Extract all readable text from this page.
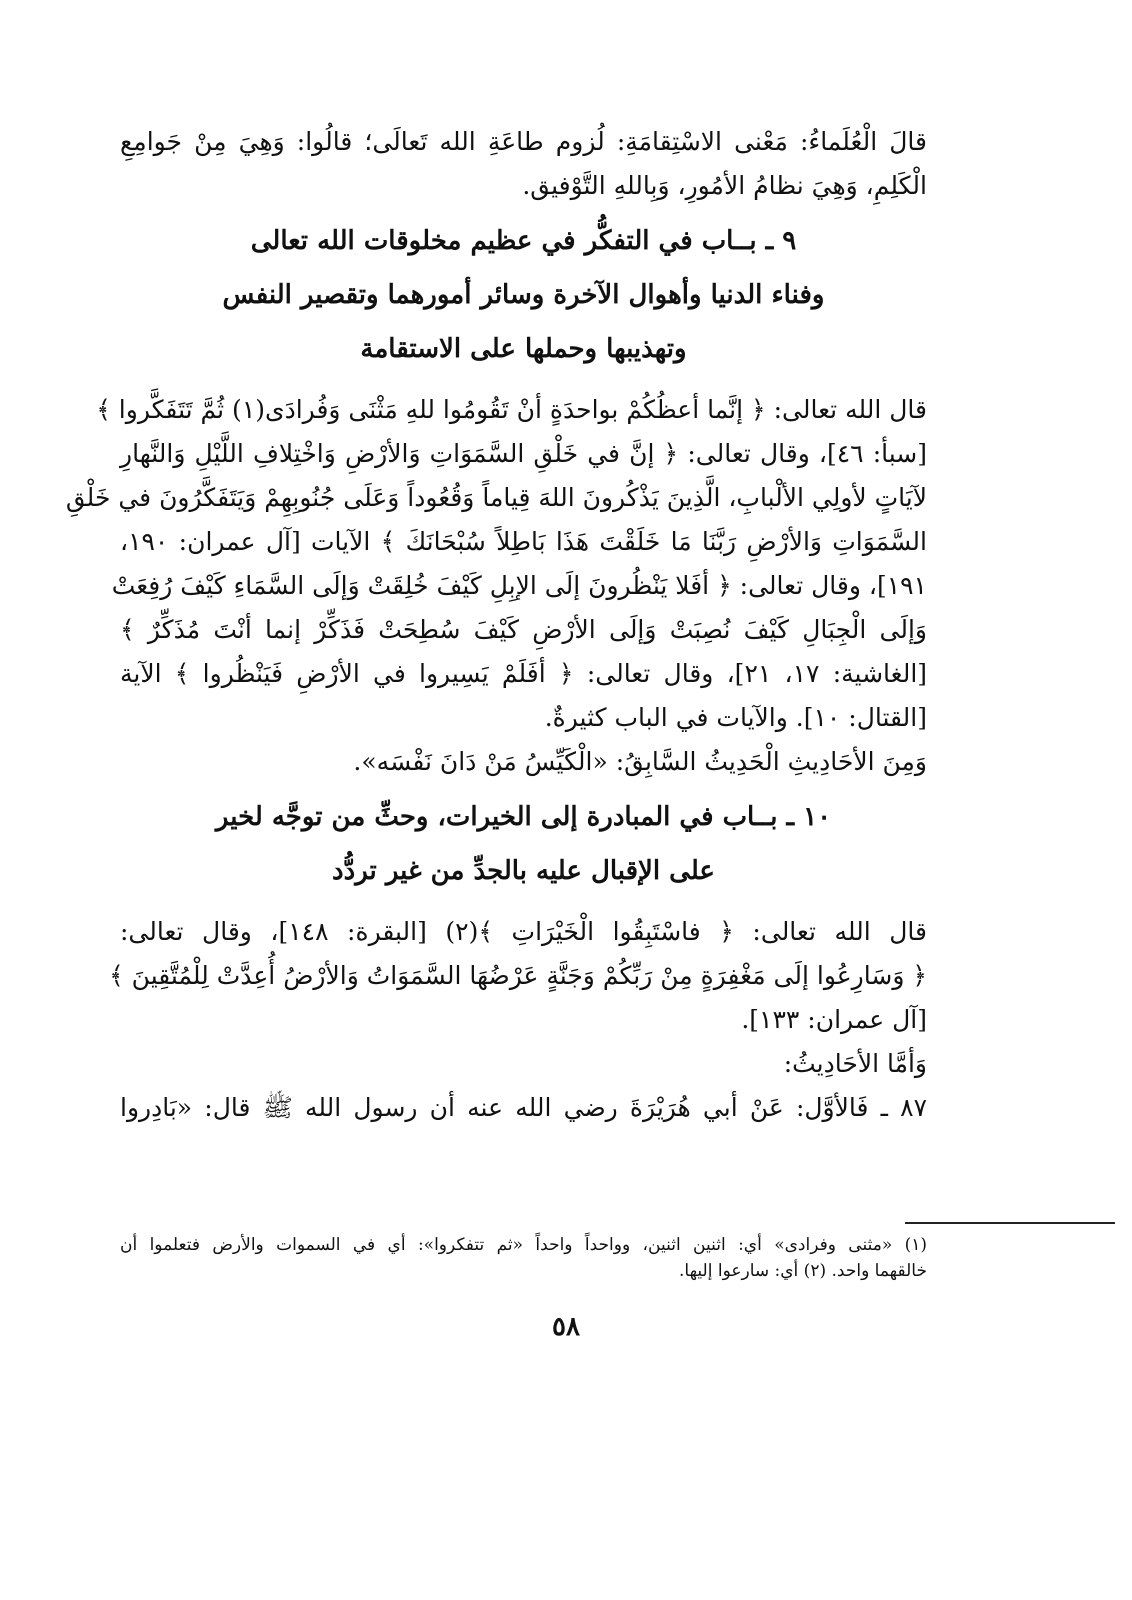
قالَ الْعُلَماءُ: مَعْنى الاسْتِقامَةِ: لُزوم طاعَةِ الله تَعالَى؛ قالُوا: وَهِيَ مِنْ جَوامِعِ
الْكَلِمِ، وَهِيَ نظامُ الأمُورِ، وَبِاللهِ التَّوْفيق.

٩ ـ بــاب في التفكُّر في عظيم مخلوقات الله تعالى

وفناء الدنيا وأهوال الآخرة وسائر أمورهما وتقصير النفس

وتهذيبها وحملها على الاستقامة

قال الله تعالى: ﴿ إنَّما أعظُكُمْ بواحدَةٍ أنْ تَقُومُوا للهِ مَثْنَى وَفُرادَى(١) ثُمَّ تَتَفَكَّروا ﴾
[سبأ: ٤٦]، وقال تعالى: ﴿ إنَّ في خَلْقِ السَّمَوَاتِ وَالأرْضِ وَاخْتِلافِ اللَّيْلِ وَالنَّهارِ
لآيَاتٍ لأولِي الألْبابِ، الَّذِينَ يَذْكُرونَ اللهَ قِياماً وَقُعُوداً وَعَلَى جُنُوبِهِمْ وَيَتَفَكَّرُونَ في خَلْقِ
السَّمَوَاتِ وَالأرْضِ رَبَّنَا مَا خَلَقْتَ هَذَا بَاطِلاً سُبْحَانَكَ ﴾ الآيات [آل عمران: ١٩٠،
١٩١]، وقال تعالى: ﴿ أفَلا يَنْظُرونَ إلَى الإبِلِ كَيْفَ خُلِقَتْ وَإلَى السَّمَاءِ كَيْفَ رُفِعَتْ
وَإلَى الْجِبَالِ كَيْفَ نُصِبَتْ وَإلَى الأرْضِ كَيْفَ سُطِحَتْ فَذَكِّرْ إنما أنْتَ مُذَكِّرٌ ﴾
[الغاشية: ١٧، ٢١]، وقال تعالى: ﴿ أفَلَمْ يَسِيروا في الأرْضِ فَيَنْظُروا ﴾ الآية
[القتال: ١٠]. والآيات في الباب كثيرةٌ.
وَمِنَ الأحَادِيثِ الْحَدِيثُ السَّابِقُ: «الْكَيِّسُ مَنْ دَانَ نَفْسَه».

١٠ ـ بــاب في المبادرة إلى الخيرات، وحثِّ من توجَّه لخير

على الإقبال عليه بالجدِّ من غير تردُّد

قال الله تعالى: ﴿ فاسْتَبِقُوا الْخَيْرَاتِ ﴾(٢) [البقرة: ١٤٨]، وقال تعالى:
﴿ وَسَارِعُوا إلَى مَغْفِرَةٍ مِنْ رَبِّكُمْ وَجَنَّةٍ عَرْضُهَا السَّمَوَاتُ وَالأرْضُ أُعِدَّتْ لِلْمُتَّقِينَ ﴾
[آل عمران: ١٣٣].
وَأمَّا الأحَادِيثُ:
٨٧ ـ فَالأوَّل: عَنْ أبي هُرَيْرَةَ رضي الله عنه أن رسول الله ﷺ قال: «بَادِروا
(١) «مثنى وفرادى» أي: اثنين اثنين، وواحداً واحداً «ثم تتفكروا»: أي في السموات والأرض فتعلموا أن
خالقهما واحد. (٢) أي: سارعوا إليها.
٥٨
